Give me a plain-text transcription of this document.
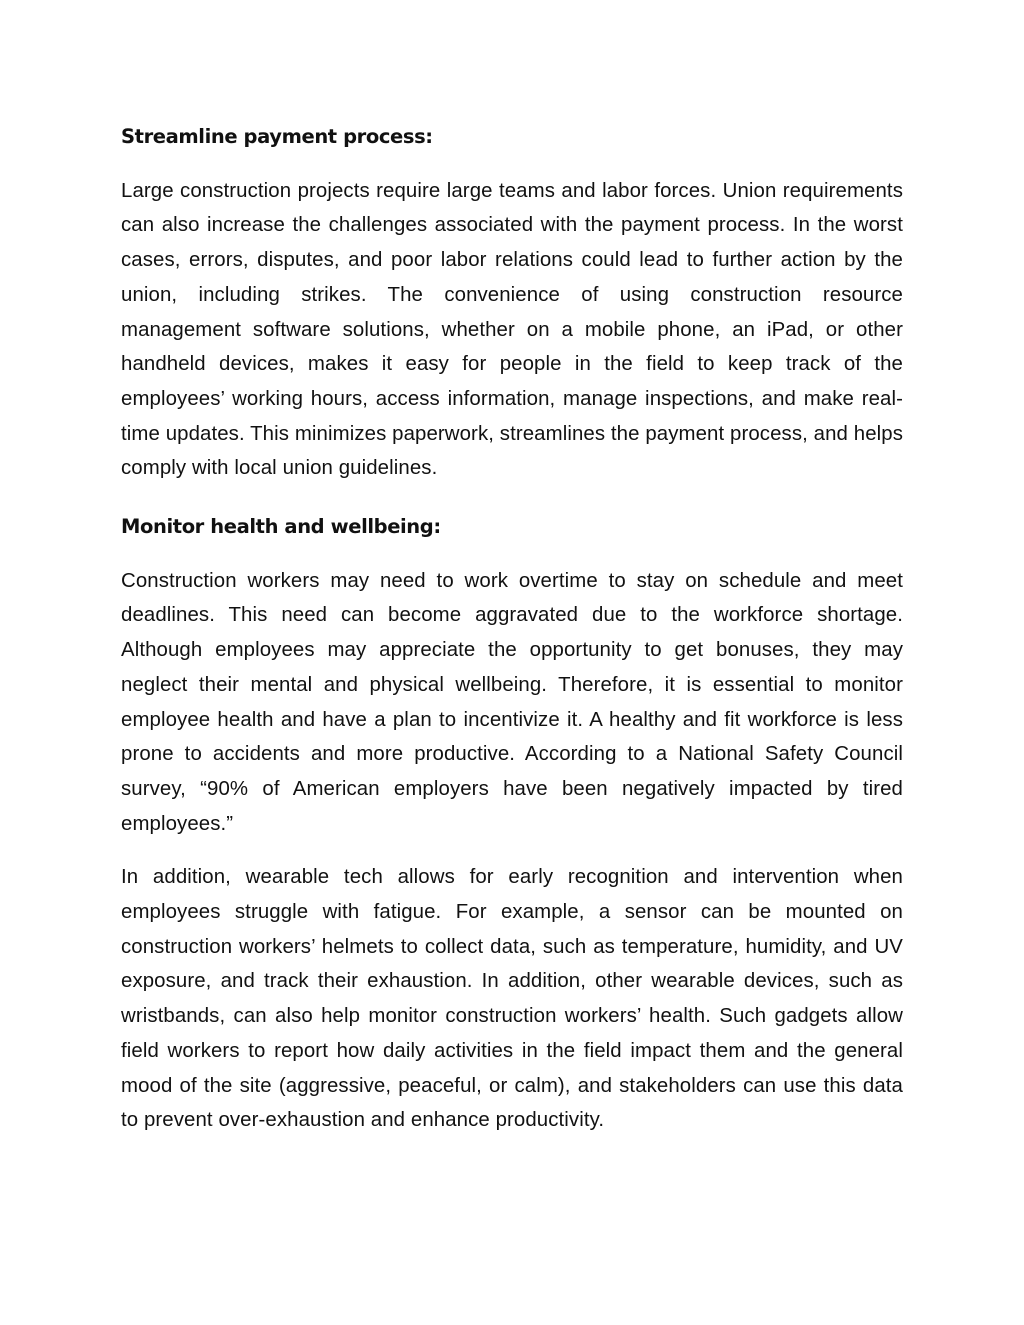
Streamline payment process:

Large construction projects require large teams and labor forces. Union requirements can also increase the challenges associated with the payment process. In the worst cases, errors, disputes, and poor labor relations could lead to further action by the union, including strikes. The convenience of using construction resource management software solutions, whether on a mobile phone, an iPad, or other handheld devices, makes it easy for people in the field to keep track of the employees’ working hours, access information, manage inspections, and make real-time updates. This minimizes paperwork, streamlines the payment process, and helps comply with local union guidelines.

Monitor health and wellbeing:

Construction workers may need to work overtime to stay on schedule and meet deadlines. This need can become aggravated due to the workforce shortage. Although employees may appreciate the opportunity to get bonuses, they may neglect their mental and physical wellbeing. Therefore, it is essential to monitor employee health and have a plan to incentivize it. A healthy and fit workforce is less prone to accidents and more productive. According to a National Safety Council survey, “90% of American employers have been negatively impacted by tired employees.”

In addition, wearable tech allows for early recognition and intervention when employees struggle with fatigue. For example, a sensor can be mounted on construction workers’ helmets to collect data, such as temperature, humidity, and UV exposure, and track their exhaustion. In addition, other wearable devices, such as wristbands, can also help monitor construction workers’ health. Such gadgets allow field workers to report how daily activities in the field impact them and the general mood of the site (aggressive, peaceful, or calm), and stakeholders can use this data to prevent over-exhaustion and enhance productivity.
